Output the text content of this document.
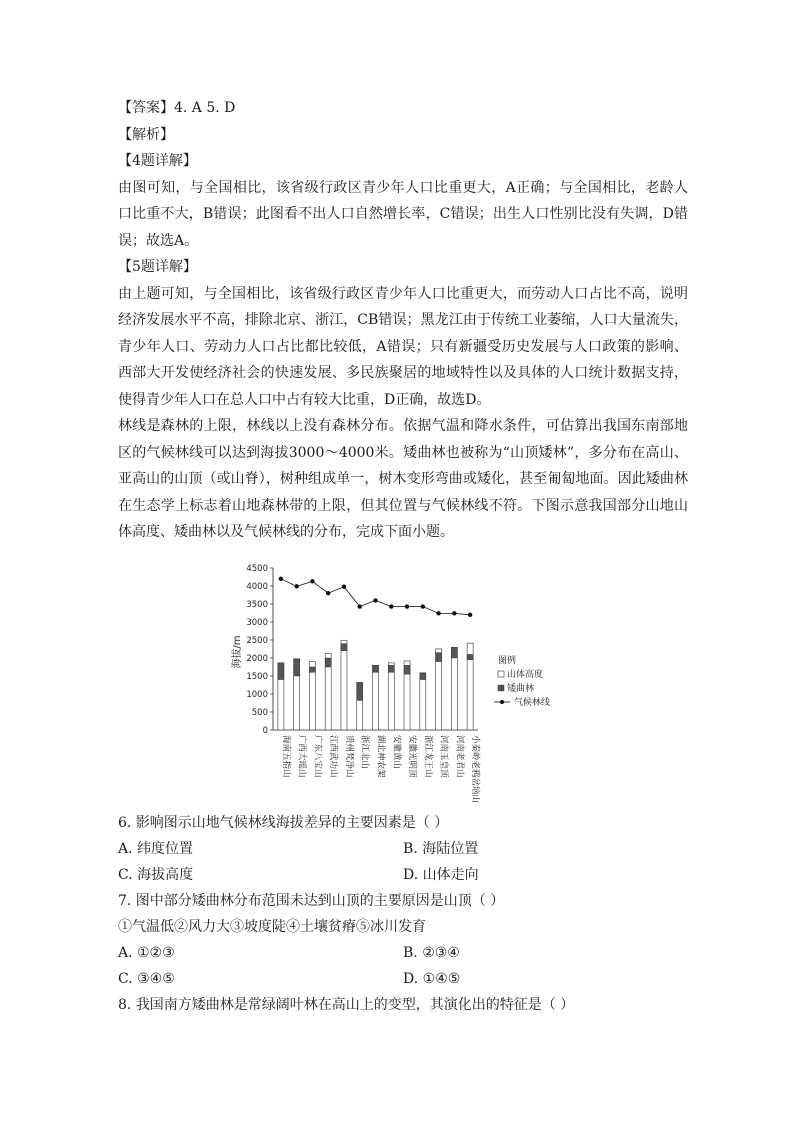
【答案】4. A 5. D
【解析】
【4题详解】
由图可知，与全国相比，该省级行政区青少年人口比重更大，A正确；与全国相比，老龄人口比重不大，B错误；此图看不出人口自然增长率，C错误；出生人口性别比没有失调，D错误；故选A。
【5题详解】
由上题可知，与全国相比，该省级行政区青少年人口比重更大，而劳动人口占比不高，说明经济发展水平不高，排除北京、浙江，CB错误；黑龙江由于传统工业萎缩，人口大量流失，青少年人口、劳动力人口占比都比较低，A错误；只有新疆受历史发展与人口政策的影响、西部大开发使经济社会的快速发展、多民族聚居的地域特性以及具体的人口统计数据支持，使得青少年人口在总人口中占有较大比重，D正确，故选D。
林线是森林的上限，林线以上没有森林分布。依据气温和降水条件，可估算出我国东南部地区的气候林线可以达到海拔3000～4000米。矮曲林也被称为“山顶矮林”，多分布在高山、亚高山的山顶（或山脊），树种组成单一，树木变形弯曲或矮化，甚至匍匐地面。因此矮曲林在生态学上标志着山地森林带的上限，但其位置与气候林线不符。下图示意我国部分山地山体高度、矮曲林以及气候林线的分布，完成下面小题。
0
500
1000
1500
2000
2500
3000
3500
4000
4500
海拔/m
海南五指山 广西大瑶山 广东八宝山 江西武功山 贵州梵净山 浙江北山 湖北神农架 安徽黄山 安徽光明顶 浙江龙王山 河南玉皇顶 河南老君山 小秦岭老鸦岔垴山
图例
山体高度
矮曲林
气候林线
6. 影响图示山地气候林线海拔差异的主要因素是（ ）
A. 纬度位置	B. 海陆位置
C. 海拔高度	D. 山体走向
7. 图中部分矮曲林分布范围未达到山顶的主要原因是山顶（ ）
①气温低②风力大③坡度陡④土壤贫瘠⑤冰川发育
A. ①②③	B. ②③④
C. ③④⑤	D. ①④⑤
8. 我国南方矮曲林是常绿阔叶林在高山上的变型，其演化出的特征是（ ）
